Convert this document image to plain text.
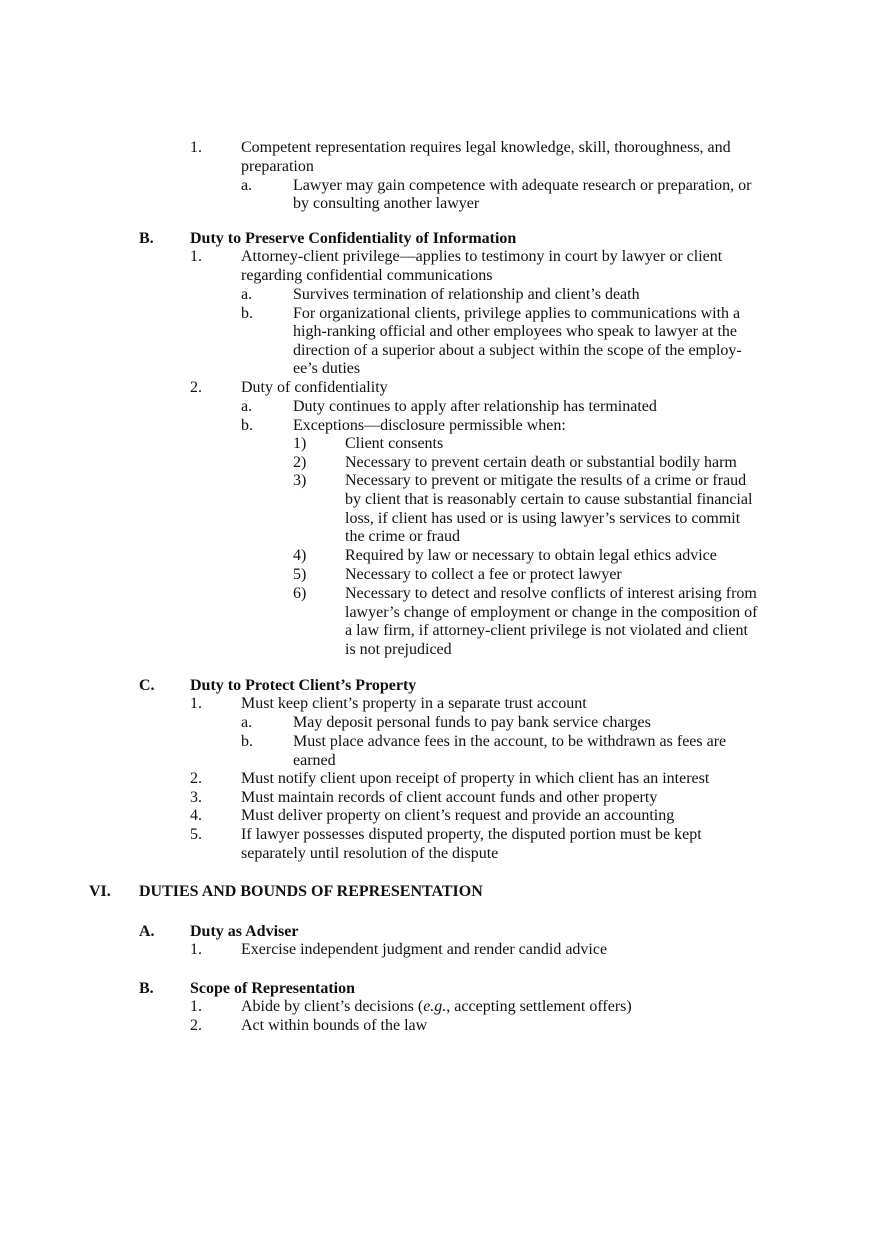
1. Competent representation requires legal knowledge, skill, thoroughness, and
preparation
a.	Lawyer may gain competence with adequate research or preparation, or
by consulting another lawyer
B. Duty to Preserve Confidentiality of Information
1. Attorney-client privilege—applies to testimony in court by lawyer or client
regarding confidential communications
a.	Survives termination of relationship and client’s death
b.	For organizational clients, privilege applies to communications with a
high-ranking official and other employees who speak to lawyer at the
direction of a superior about a subject within the scope of the employ-
ee’s duties
2. Duty of confidentiality
a.	Duty continues to apply after relationship has terminated
b.	Exceptions—disclosure permissible when:
1) Client consents
2) Necessary to prevent certain death or substantial bodily harm
3) Necessary to prevent or mitigate the results of a crime or fraud
by client that is reasonably certain to cause substantial financial
loss, if client has used or is using lawyer’s services to commit
the crime or fraud
4) Required by law or necessary to obtain legal ethics advice
5) Necessary to collect a fee or protect lawyer
6) Necessary to detect and resolve conflicts of interest arising from
lawyer’s change of employment or change in the composition of
a law firm, if attorney-client privilege is not violated and client
is not prejudiced
C. Duty to Protect Client’s Property
1. Must keep client’s property in a separate trust account
a.	May deposit personal funds to pay bank service charges
b.	Must place advance fees in the account, to be withdrawn as fees are
earned
2. Must notify client upon receipt of property in which client has an interest
3. Must maintain records of client account funds and other property
4. Must deliver property on client’s request and provide an accounting
5. If lawyer possesses disputed property, the disputed portion must be kept
separately until resolution of the dispute
VI. DUTIES AND BOUNDS OF REPRESENTATION
A. Duty as Adviser
1. Exercise independent judgment and render candid advice
B. Scope of Representation
1. Abide by client’s decisions (e.g., accepting settlement offers)
2. Act within bounds of the law
